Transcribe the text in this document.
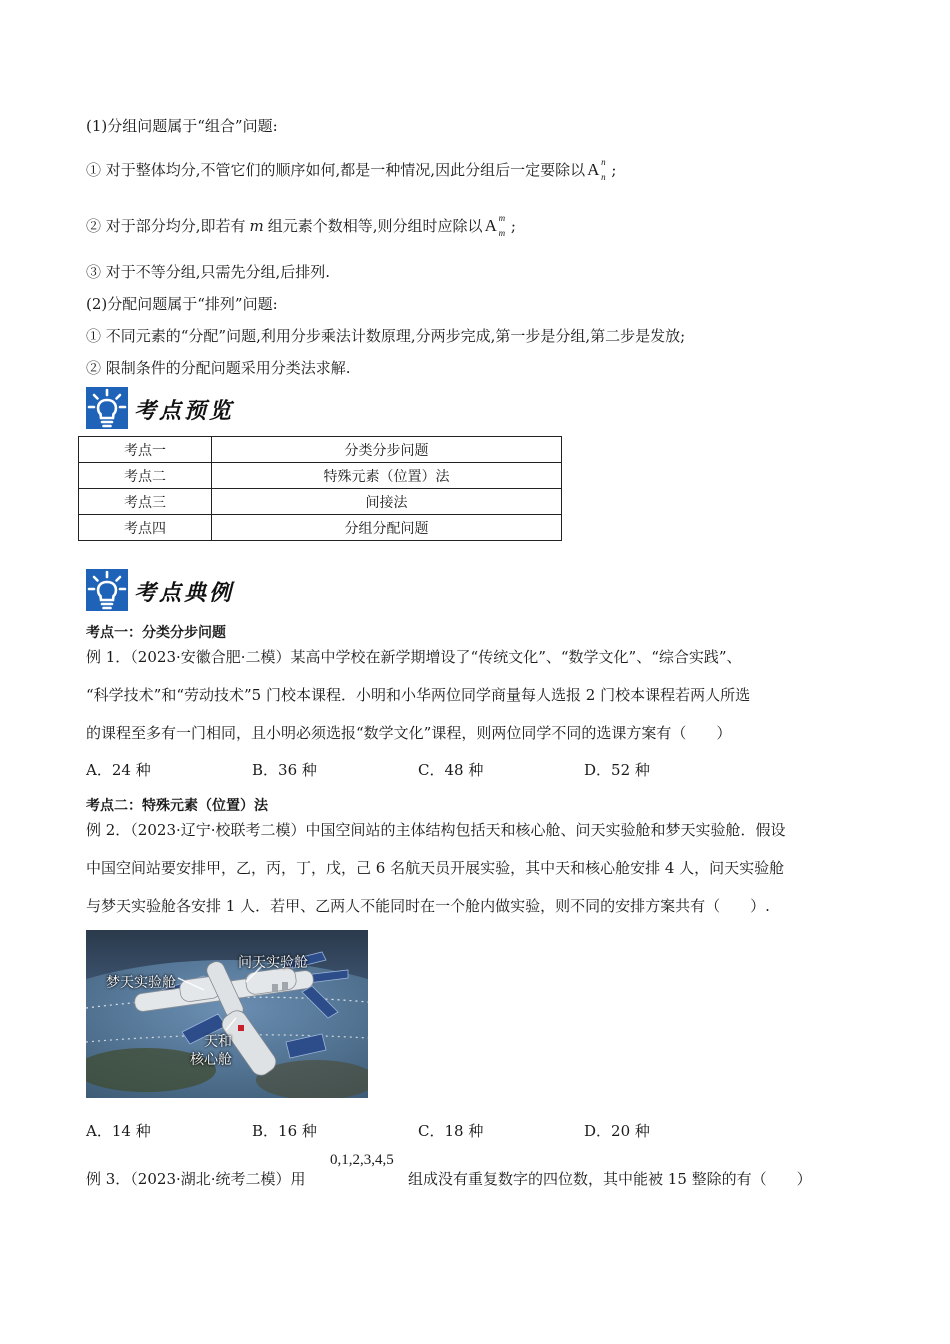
(1)分组问题属于“组合”问题:
① 对于整体均分,不管它们的顺序如何,都是一种情况,因此分组后一定要除以 A n
n ;
② 对于部分均分,即若有 m 组元素个数相等,则分组时应除以 A m
m ;
③ 对于不等分组,只需先分组,后排列.
(2)分配问题属于“排列”问题:
① 不同元素的“分配”问题,利用分步乘法计数原理,分两步完成,第一步是分组,第二步是发放;
② 限制条件的分配问题采用分类法求解.
考点预览
考点一	分类分步问题
考点二	特殊元素（位置）法
考点三	间接法
考点四	分组分配问题
考点典例
考点一：分类分步问题
例 1．（2023·安徽合肥·二模）某高中学校在新学期增设了“传统文化”、“数学文化”、“综合实践”、
“科学技术”和“劳动技术”5 门校本课程．小明和小华两位同学商量每人选报 2 门校本课程若两人所选
的课程至多有一门相同，且小明必须选报“数学文化”课程，则两位同学不同的选课方案有（　　）
A．24 种	B．36 种	C．48 种	D．52 种
考点二：特殊元素（位置）法
例 2．（2023·辽宁·校联考二模）中国空间站的主体结构包括天和核心舱、问天实验舱和梦天实验舱．假设
中国空间站要安排甲，乙，丙，丁，戊，己 6 名航天员开展实验，其中天和核心舱安排 4 人，问天实验舱
与梦天实验舱各安排 1 人．若甲、乙两人不能同时在一个舱内做实验，则不同的安排方案共有（　　）.
梦天实验舱
问天实验舱
天和
核心舱
A．14 种	B．16 种	C．18 种	D．20 种
例 3．（2023·湖北·统考二模）用
0,1,2,3,4,5
组成没有重复数字的四位数，其中能被 15 整除的有（　　）
